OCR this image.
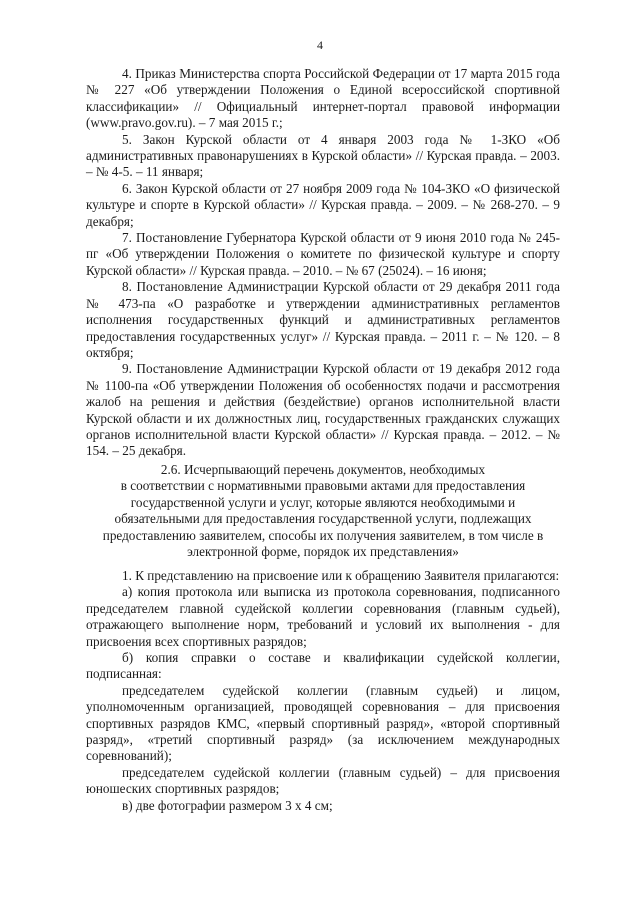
4

4. Приказ Министерства спорта Российской Федерации от 17 марта 2015 года № 227 «Об утверждении Положения о Единой всероссийской спортивной классификации» // Официальный интернет-портал правовой информации (www.pravo.gov.ru). – 7 мая 2015 г.;

5. Закон Курской области от 4 января 2003 года № 1-ЗКО «Об административных правонарушениях в Курской области» // Курская правда. – 2003. – № 4-5. – 11 января;

6. Закон Курской области от 27 ноября 2009 года № 104-ЗКО «О физической культуре и спорте в Курской области» // Курская правда. – 2009. – № 268-270. – 9 декабря;

7. Постановление Губернатора Курской области от 9 июня 2010 года № 245-пг «Об утверждении Положения о комитете по физической культуре и спорту Курской области» // Курская правда. – 2010. – № 67 (25024). – 16 июня;

8. Постановление Администрации Курской области от 29 декабря 2011 года № 473-па «О разработке и утверждении административных регламентов исполнения государственных функций и административных регламентов предоставления государственных услуг» // Курская правда. – 2011 г. – № 120. – 8 октября;

9. Постановление Администрации Курской области от 19 декабря 2012 года № 1100-па «Об утверждении Положения об особенностях подачи и рассмотрения жалоб на решения и действия (бездействие) органов исполнительной власти Курской области и их должностных лиц, государственных гражданских служащих органов исполнительной власти Курской области» // Курская правда. – 2012. – № 154. – 25 декабря.

2.6. Исчерпывающий перечень документов, необходимых
в соответствии с нормативными правовыми актами для предоставления
государственной услуги и услуг, которые являются необходимыми и
обязательными для предоставления государственной услуги, подлежащих
предоставлению заявителем, способы их получения заявителем, в том числе в
электронной форме, порядок их представления»

1. К представлению на присвоение или к обращению Заявителя прилагаются:

а) копия протокола или выписка из протокола соревнования, подписанного председателем главной судейской коллегии соревнования (главным судьей), отражающего выполнение норм, требований и условий их выполнения - для присвоения всех спортивных разрядов;

б) копия справки о составе и квалификации судейской коллегии, подписанная:

председателем судейской коллегии (главным судьей) и лицом, уполномоченным организацией, проводящей соревнования – для присвоения спортивных разрядов КМС, «первый спортивный разряд», «второй спортивный разряд», «третий спортивный разряд» (за исключением международных соревнований);

председателем судейской коллегии (главным судьей) – для присвоения юношеских спортивных разрядов;

в) две фотографии размером 3 х 4 см;
